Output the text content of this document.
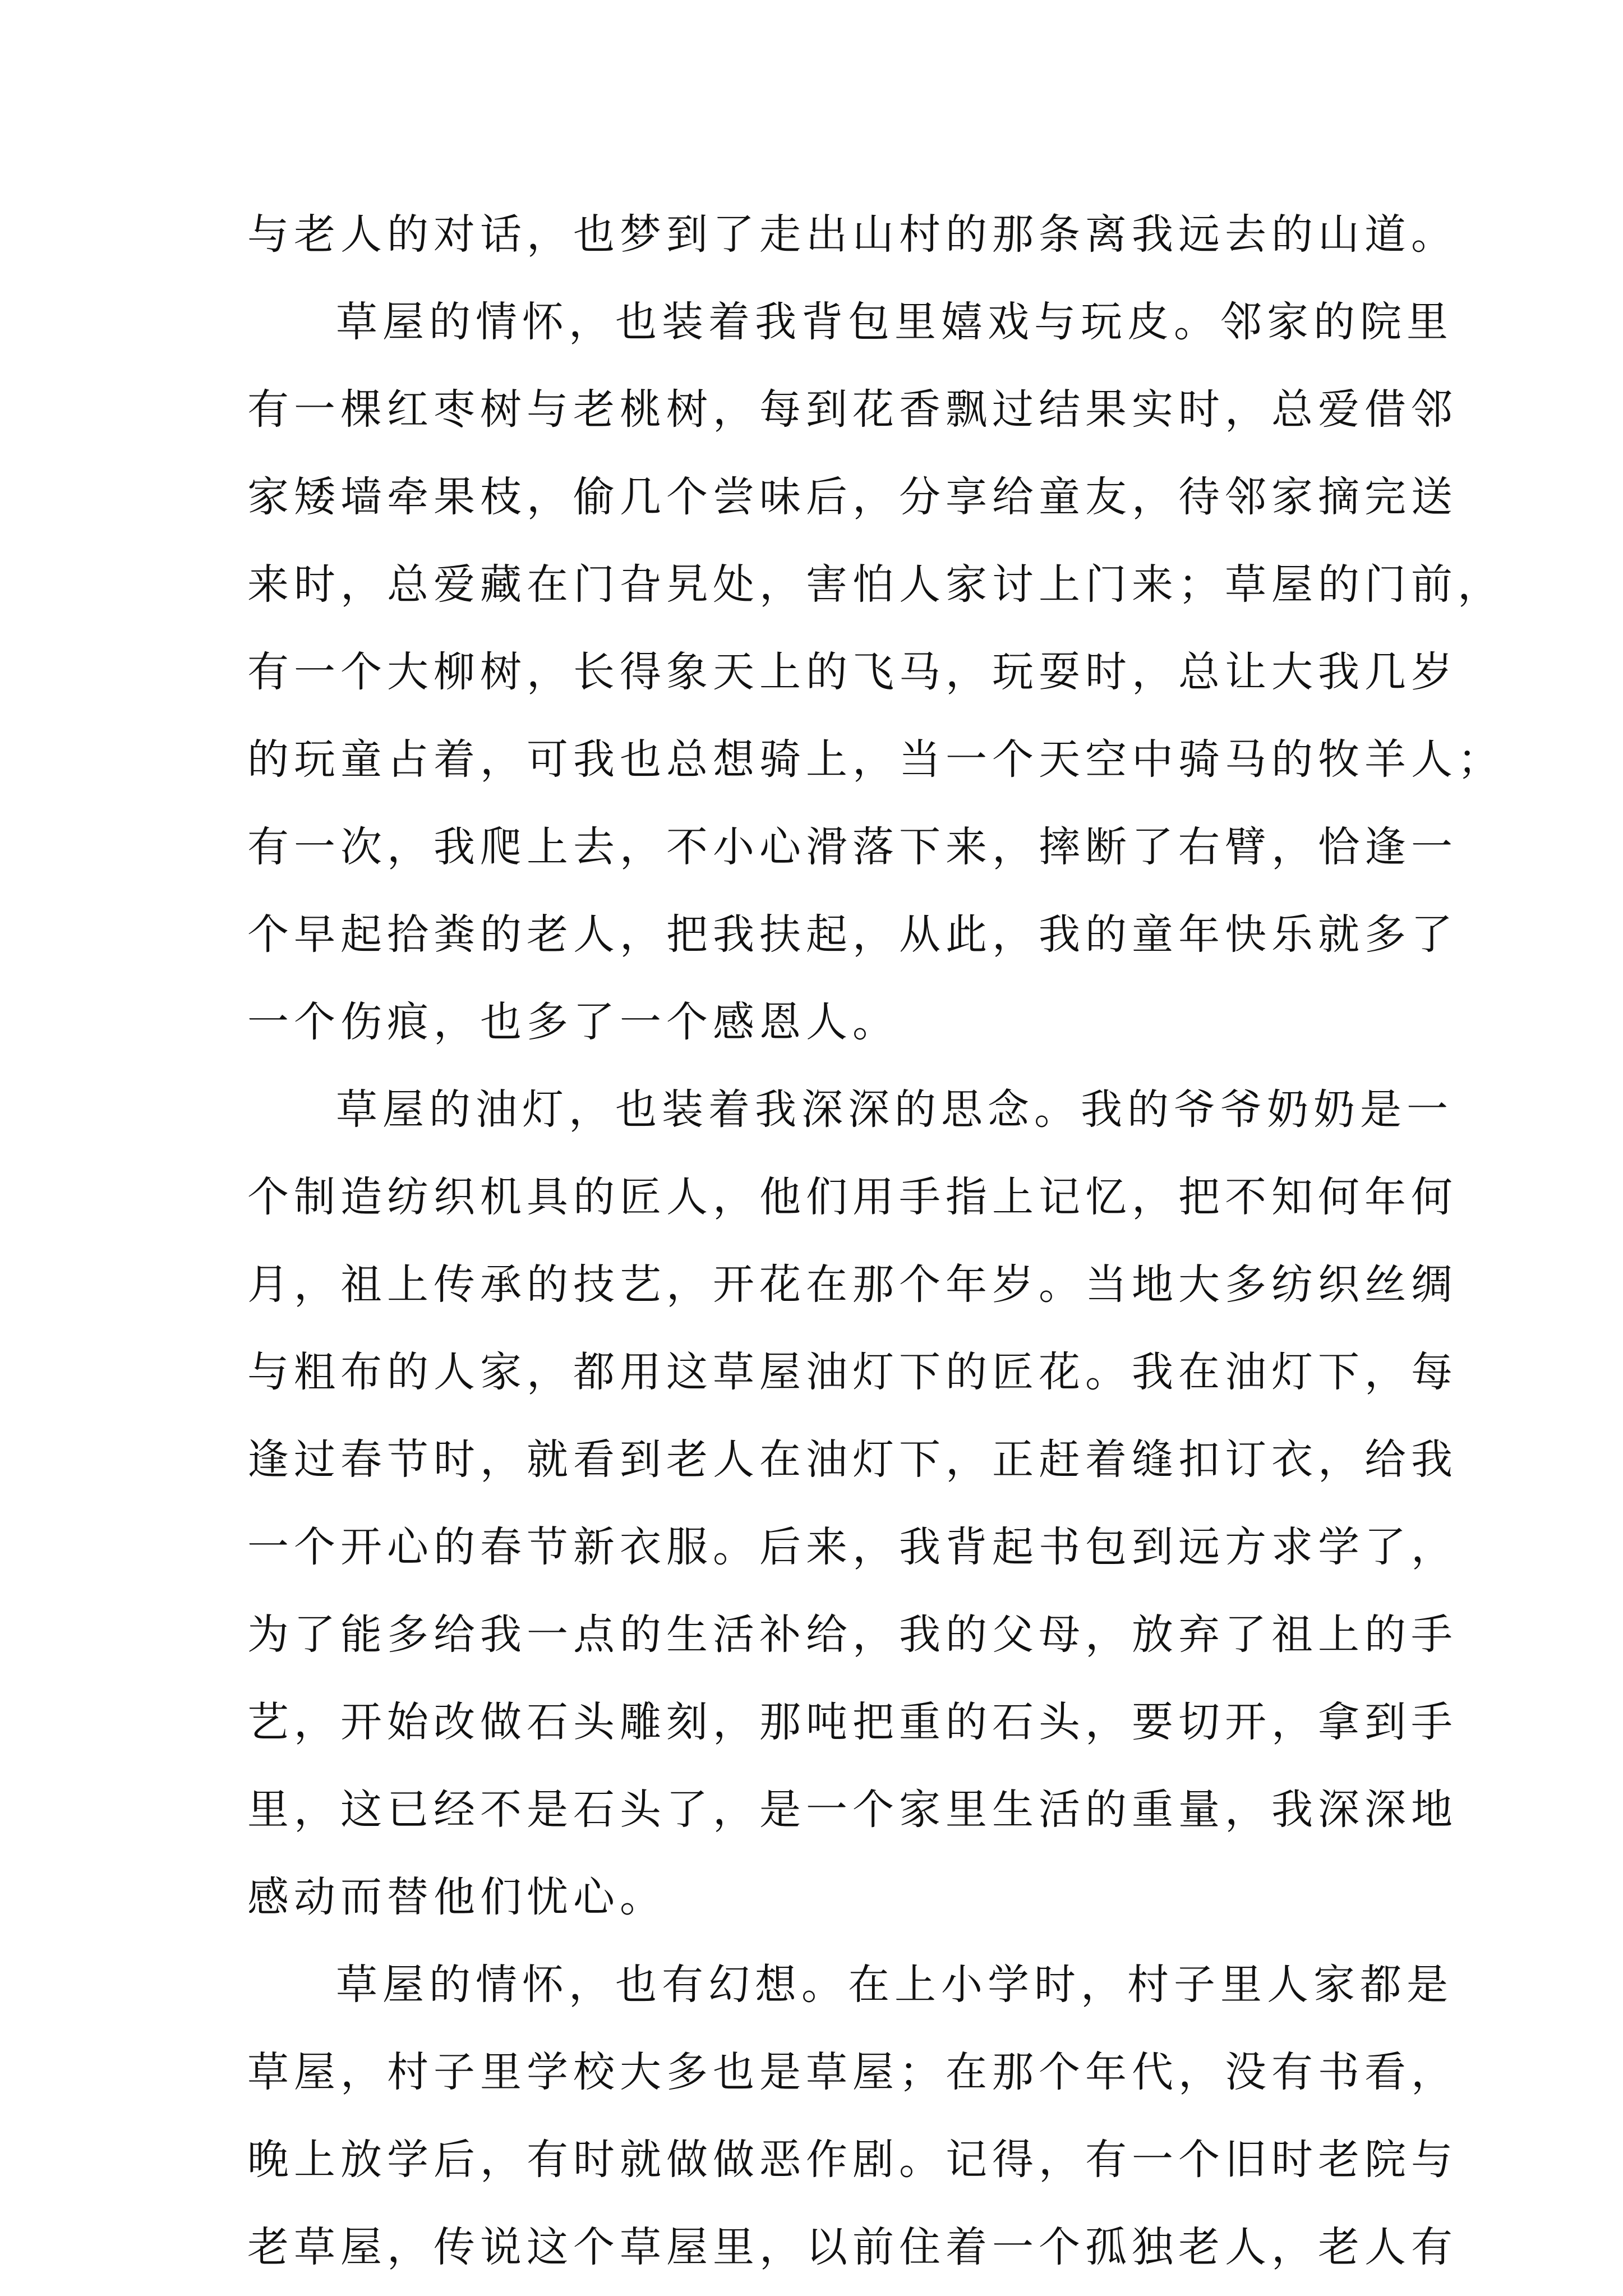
与老人的对话，也梦到了走出山村的那条离我远去的山道。
草屋的情怀，也装着我背包里嬉戏与玩皮。邻家的院里
有一棵红枣树与老桃树，每到花香飘过结果实时，总爱借邻
家矮墙牵果枝，偷几个尝味后，分享给童友，待邻家摘完送
来时，总爱藏在门旮旯处，害怕人家讨上门来；草屋的门前，
有一个大柳树，长得象天上的飞马，玩耍时，总让大我几岁
的玩童占着，可我也总想骑上，当一个天空中骑马的牧羊人；
有一次，我爬上去，不小心滑落下来，摔断了右臂，恰逢一
个早起拾粪的老人，把我扶起，从此，我的童年快乐就多了
一个伤痕，也多了一个感恩人。
草屋的油灯，也装着我深深的思念。我的爷爷奶奶是一
个制造纺织机具的匠人，他们用手指上记忆，把不知何年何
月，祖上传承的技艺，开花在那个年岁。当地大多纺织丝绸
与粗布的人家，都用这草屋油灯下的匠花。我在油灯下，每
逢过春节时，就看到老人在油灯下，正赶着缝扣订衣，给我
一个开心的春节新衣服。后来，我背起书包到远方求学了，
为了能多给我一点的生活补给，我的父母，放弃了祖上的手
艺，开始改做石头雕刻，那吨把重的石头，要切开，拿到手
里，这已经不是石头了，是一个家里生活的重量，我深深地
感动而替他们忧心。
草屋的情怀，也有幻想。在上小学时，村子里人家都是
草屋，村子里学校大多也是草屋；在那个年代，没有书看，
晚上放学后，有时就做做恶作剧。记得，有一个旧时老院与
老草屋，传说这个草屋里，以前住着一个孤独老人，老人有
